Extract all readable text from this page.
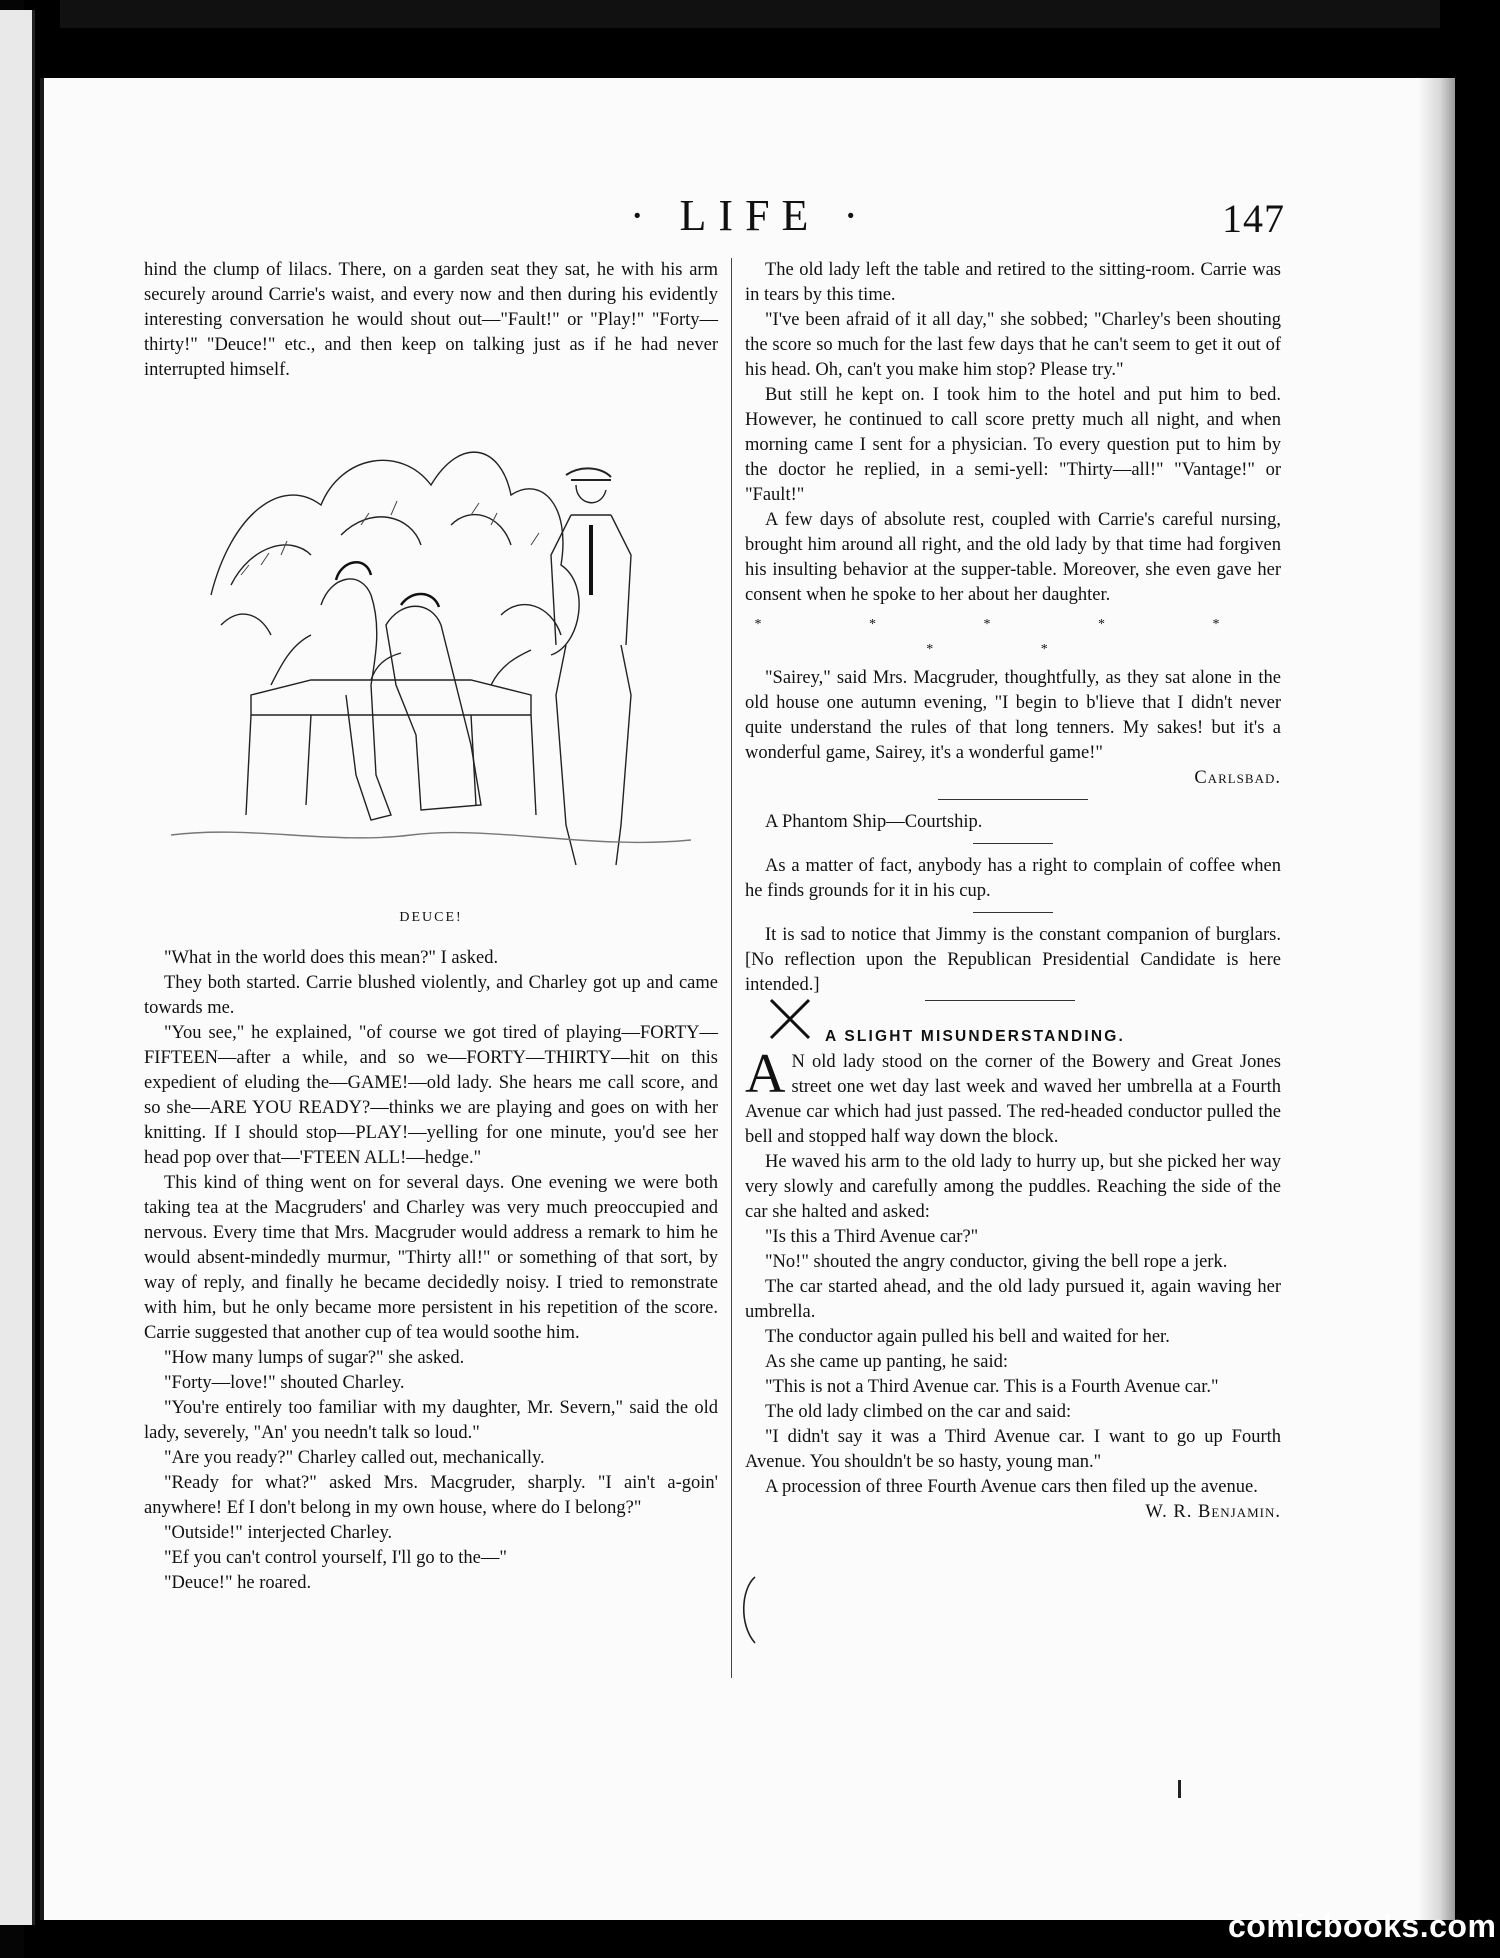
· LIFE ·	147

hind the clump of lilacs. There, on a garden seat they sat, he with his arm securely around Carrie's waist, and every now and then during his evidently interesting conversation he would shout out—"Fault!" or "Play!" "Forty—thirty!" "Deuce!" etc., and then keep on talking just as if he had never interrupted himself.

DEUCE!

"What in the world does this mean?" I asked.

They both started. Carrie blushed violently, and Charley got up and came towards me.

"You see," he explained, "of course we got tired of playing—FORTY—FIFTEEN—after a while, and so we—FORTY—THIRTY—hit on this expedient of eluding the—GAME!—old lady. She hears me call score, and so she—ARE YOU READY?—thinks we are playing and goes on with her knitting. If I should stop—PLAY!—yelling for one minute, you'd see her head pop over that—'FTEEN ALL!—hedge."

This kind of thing went on for several days. One evening we were both taking tea at the Macgruders' and Charley was very much preoccupied and nervous. Every time that Mrs. Macgruder would address a remark to him he would absent-mindedly murmur, "Thirty all!" or something of that sort, by way of reply, and finally he became decidedly noisy. I tried to remonstrate with him, but he only became more persistent in his repetition of the score. Carrie suggested that another cup of tea would soothe him.

"How many lumps of sugar?" she asked.

"Forty—love!" shouted Charley.

"You're entirely too familiar with my daughter, Mr. Severn," said the old lady, severely, "An' you needn't talk so loud."

"Are you ready?" Charley called out, mechanically.

"Ready for what?" asked Mrs. Macgruder, sharply. "I ain't a-goin' anywhere! Ef I don't belong in my own house, where do I belong?"

"Outside!" interjected Charley.

"Ef you can't control yourself, I'll go to the—"

"Deuce!" he roared.

The old lady left the table and retired to the sitting-room. Carrie was in tears by this time.

"I've been afraid of it all day," she sobbed; "Charley's been shouting the score so much for the last few days that he can't seem to get it out of his head. Oh, can't you make him stop? Please try."

But still he kept on. I took him to the hotel and put him to bed. However, he continued to call score pretty much all night, and when morning came I sent for a physician. To every question put to him by the doctor he replied, in a semi-yell: "Thirty—all!" "Vantage!" or "Fault!"

A few days of absolute rest, coupled with Carrie's careful nursing, brought him around all right, and the old lady by that time had forgiven his insulting behavior at the supper-table. Moreover, she even gave her consent when he spoke to her about her daughter.

* * * * * * *

"Sairey," said Mrs. Macgruder, thoughtfully, as they sat alone in the old house one autumn evening, "I begin to b'lieve that I didn't never quite understand the rules of that long tenners. My sakes! but it's a wonderful game, Sairey, it's a wonderful game!"

Carlsbad.

A Phantom Ship—Courtship.

As a matter of fact, anybody has a right to complain of coffee when he finds grounds for it in his cup.

It is sad to notice that Jimmy is the constant companion of burglars. [No reflection upon the Republican Presidential Candidate is here intended.]

A SLIGHT MISUNDERSTANDING.

A N old lady stood on the corner of the Bowery and Great Jones street one wet day last week and waved her umbrella at a Fourth Avenue car which had just passed. The red-headed conductor pulled the bell and stopped half way down the block.

He waved his arm to the old lady to hurry up, but she picked her way very slowly and carefully among the puddles. Reaching the side of the car she halted and asked:

"Is this a Third Avenue car?"

"No!" shouted the angry conductor, giving the bell rope a jerk.

The car started ahead, and the old lady pursued it, again waving her umbrella.

The conductor again pulled his bell and waited for her.

As she came up panting, he said:

"This is not a Third Avenue car. This is a Fourth Avenue car."

The old lady climbed on the car and said:

"I didn't say it was a Third Avenue car. I want to go up Fourth Avenue. You shouldn't be so hasty, young man."

A procession of three Fourth Avenue cars then filed up the avenue.

W. R. Benjamin.
comicbooks.com
